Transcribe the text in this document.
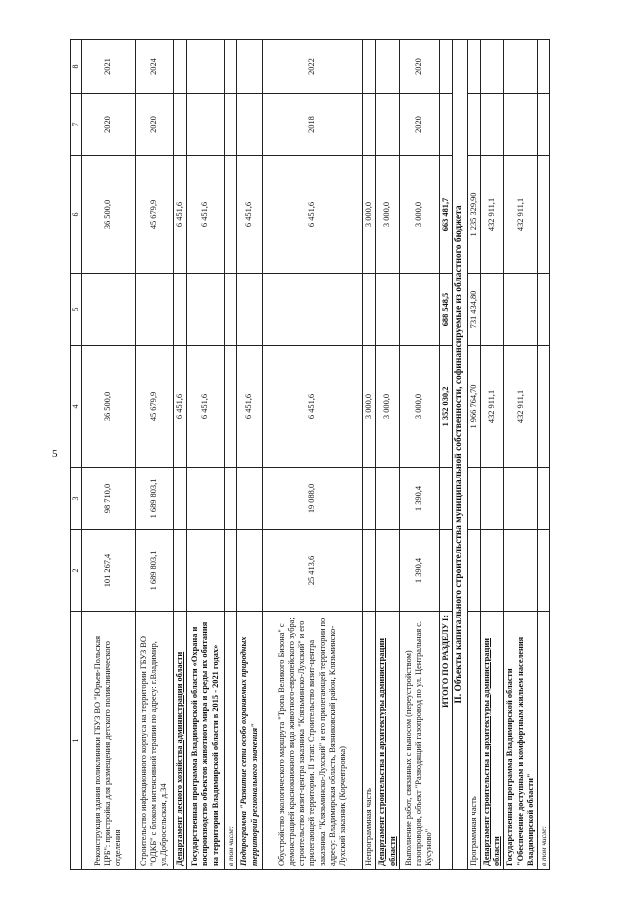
5
1	2	3	4	5	6	7	8
Реконструкция здания поликлиники ГБУЗ ВО "Юрьев-Польская ЦРБ": пристройка для размещения детского поликлинического отделения	101 267,4	98 710,0	36 500,0		36 500,0	2020	2021
Строительство инфекционного корпуса на территории ГБУЗ ВО "ОДКБ" с блоком интенсивной терапии по адресу: г.Владимир, ул.Добросельская, д.34	1 689 803,1	1 689 803,1	45 679,9		45 679,9	2020	2024
Департамент лесного хозяйства администрации области			6 451,6		6 451,6		
Государственная программа Владимирской области «Охрана и воспроизводство объектов животного мира и среды их обитания на территории Владимирской области в 2015 - 2021 годах»			6 451,6		6 451,6		
в том числе:							
Подпрограмма "Развитие сети особо охраняемых природных территорий регионального значения"			6 451,6		6 451,6		
Обустройство экологического маршрута "Тропа Великого Бизона" с демонстрацией краснокнижного вида животного-европейского зубра; строительство визит-центра заказника "Клязьминско-Лухский" и его прилегающей территории. II этап: Строительство визит-центра заказника "Клязьминско-Лухский" и его прилегающей территории по адресу: Владимирская область, Вязниковский район, Клязьминско-Лухский заказник (Корчевтровка)	25 413,6	19 088,0	6 451,6		6 451,6	2018	2022
Непрограммная часть			3 000,0		3 000,0		
Департамент строительства и архитектуры администрации области			3 000,0		3 000,0		
Выполнение работ, связанных с выносом (переустройством) газопроводов, объект "Разводящий газопровод по ул. Центральная с. Кусуново"	1 390,4	1 390,4	3 000,0		3 000,0	2020	2020
ИТОГО ПО РАЗДЕЛУ I:			1 352 030,2	688 548,5	663 481,7		
II. Объекты капитального строительства муниципальной собственности, софинансируемые из областного бюджета							
Программная часть			1 966 764,70	731 434,80	1 235 329,90		
Департамент строительства и архитектуры администрации области			432 911,1		432 911,1		
Государственная программа Владимирской области "Обеспечение доступным и комфортным жильем населения Владимирской области"			432 911,1		432 911,1		
в том числе:							
